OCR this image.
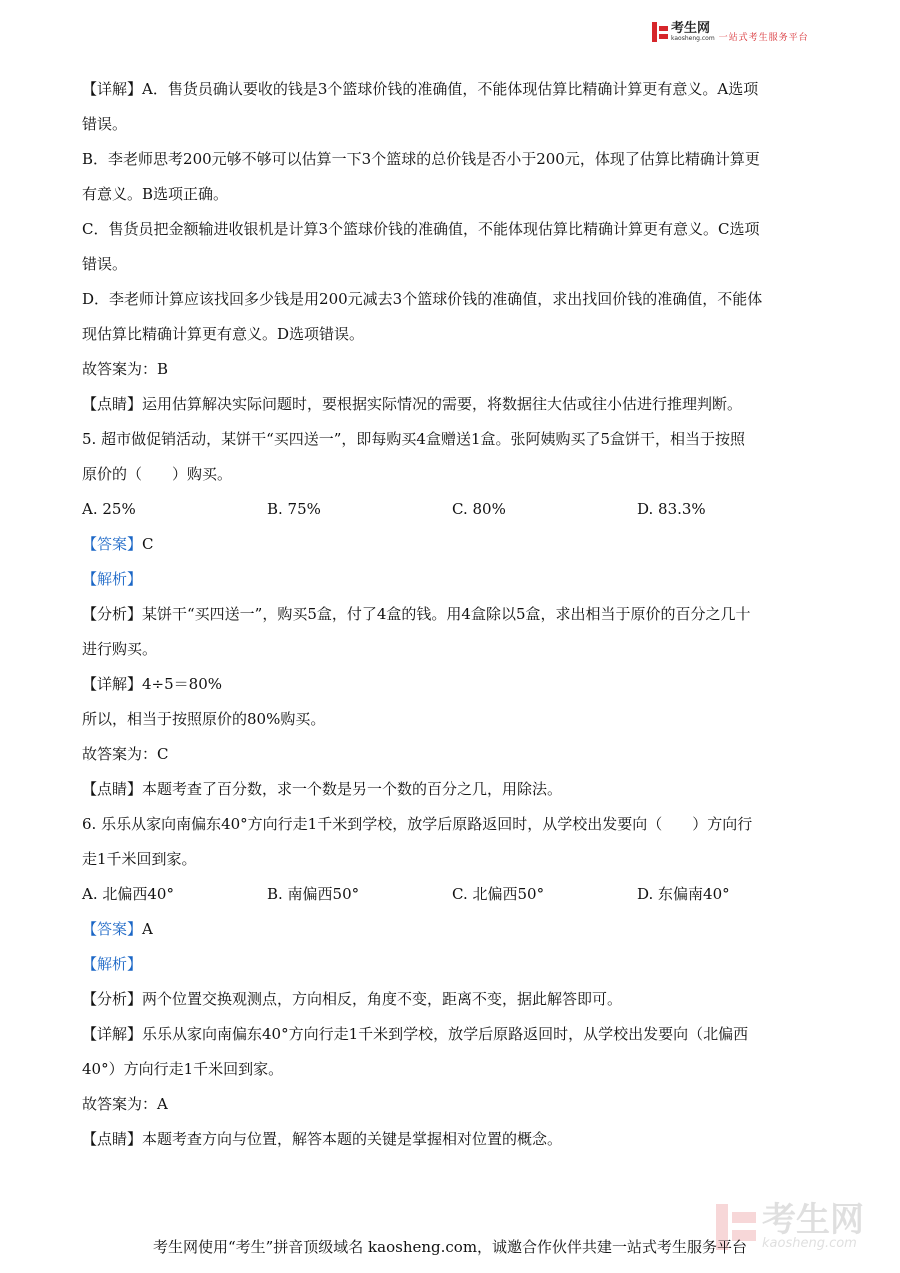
考生网
kaosheng.com 一站式考生服务平台

【详解】A．售货员确认要收的钱是3个篮球价钱的准确值，不能体现估算比精确计算更有意义。A选项

错误。

B．李老师思考200元够不够可以估算一下3个篮球的总价钱是否小于200元，体现了估算比精确计算更

有意义。B选项正确。

C．售货员把金额输进收银机是计算3个篮球价钱的准确值，不能体现估算比精确计算更有意义。C选项

错误。

D．李老师计算应该找回多少钱是用200元减去3个篮球价钱的准确值，求出找回价钱的准确值，不能体

现估算比精确计算更有意义。D选项错误。

故答案为：B

【点睛】运用估算解决实际问题时，要根据实际情况的需要，将数据往大估或往小估进行推理判断。

5. 超市做促销活动，某饼干“买四送一”，即每购买4盒赠送1盒。张阿姨购买了5盒饼干，相当于按照

原价的（　　）购买。

A. 25%	B. 75%	C. 80%	D. 83.3%

【答案】C

【解析】

【分析】某饼干“买四送一”，购买5盒，付了4盒的钱。用4盒除以5盒，求出相当于原价的百分之几十

进行购买。

【详解】4÷5＝80%

所以，相当于按照原价的80%购买。

故答案为：C

【点睛】本题考查了百分数，求一个数是另一个数的百分之几，用除法。

6. 乐乐从家向南偏东40°方向行走1千米到学校，放学后原路返回时，从学校出发要向（　　）方向行

走1千米回到家。

A. 北偏西40°	B. 南偏西50°	C. 北偏西50°	D. 东偏南40°

【答案】A

【解析】

【分析】两个位置交换观测点，方向相反，角度不变，距离不变，据此解答即可。

【详解】乐乐从家向南偏东40°方向行走1千米到学校，放学后原路返回时，从学校出发要向（北偏西

40°）方向行走1千米回到家。

故答案为：A

【点睛】本题考查方向与位置，解答本题的关键是掌握相对位置的概念。

考生网
kaosheng.com
考生网使用“考生”拼音顶级域名 kaosheng.com，诚邀合作伙伴共建一站式考生服务平台
